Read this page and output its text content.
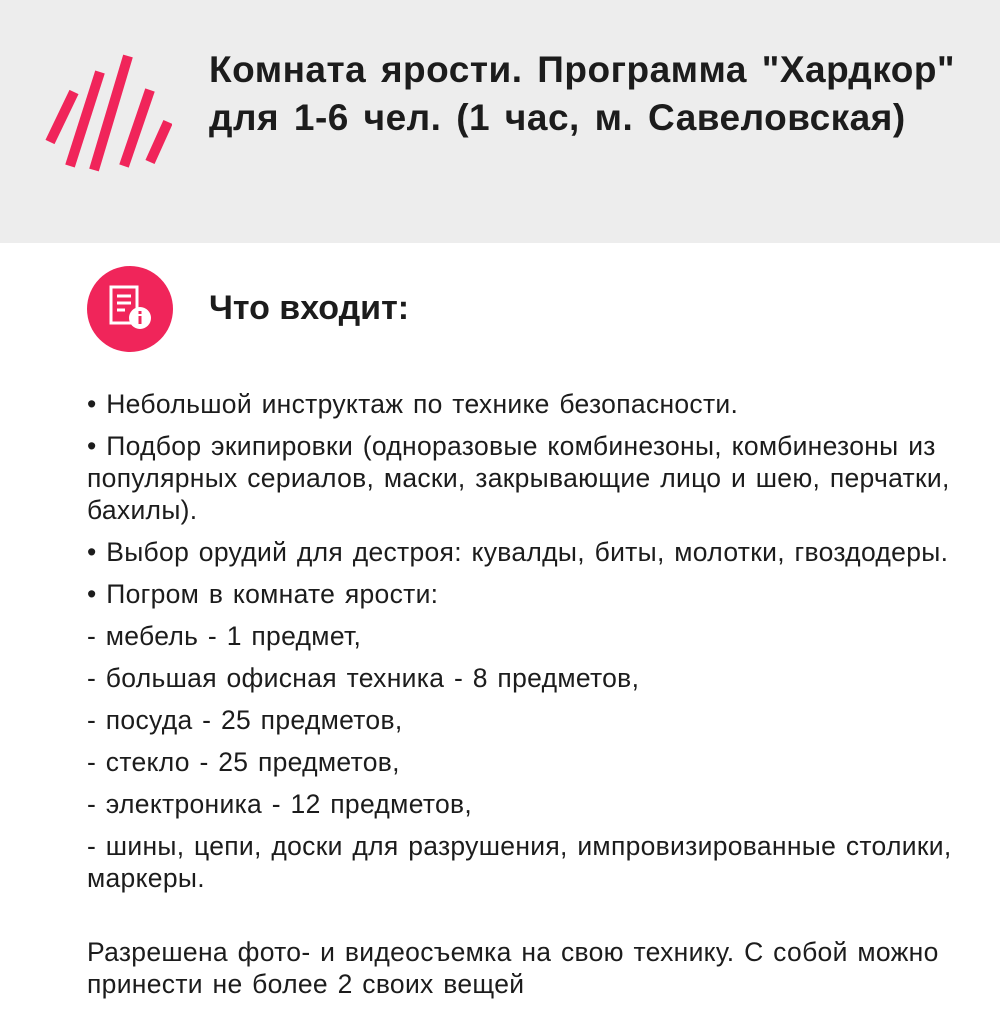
Комната ярости. Программа "Хардкор" для 1-6 чел. (1 час, м. Савеловская)
Что входит:

• Небольшой инструктаж по технике безопасности.

• Подбор экипировки (одноразовые комбинезоны, комбинезоны из популярных сериалов, маски, закрывающие лицо и шею, перчатки, бахилы).

• Выбор орудий для дестроя: кувалды, биты, молотки, гвоздодеры.

• Погром в комнате ярости:

- мебель - 1 предмет,

- большая офисная техника - 8 предметов,

- посуда - 25 предметов,

- стекло - 25 предметов,

- электроника - 12 предметов,

- шины, цепи, доски для разрушения, импровизированные столики, маркеры.

Разрешена фото- и видеосъемка на свою технику. С собой можно принести не более 2 своих вещей
